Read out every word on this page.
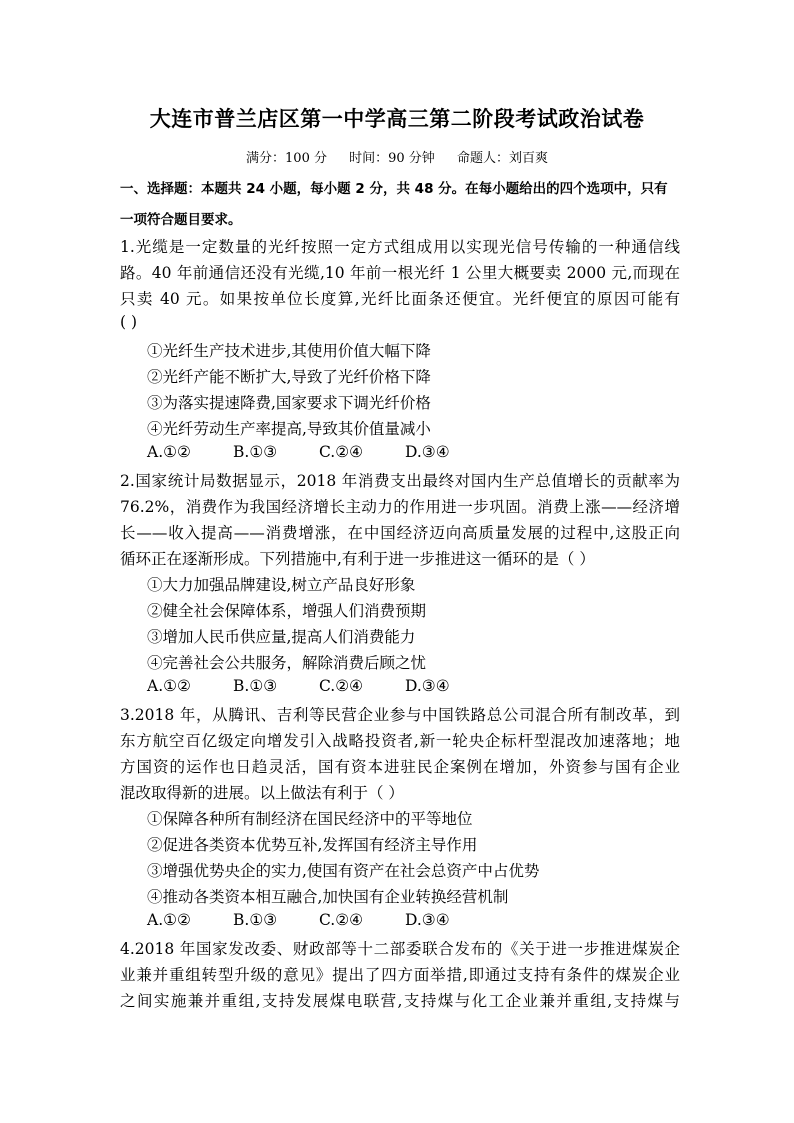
大连市普兰店区第一中学高三第二阶段考试政治试卷
满分：100 分 时间：90 分钟 命题人：刘百爽
一、选择题：本题共 24 小题，每小题 2 分，共 48 分。在每小题给出的四个选项中，只有
一项符合题目要求。
1.光缆是一定数量的光纤按照一定方式组成用以实现光信号传输的一种通信线
路。40 年前通信还没有光缆,10 年前一根光纤 1 公里大概要卖 2000 元,而现在
只卖 40 元。如果按单位长度算,光纤比面条还便宜。光纤便宜的原因可能有
( )
①光纤生产技术进步,其使用价值大幅下降
②光纤产能不断扩大,导致了光纤价格下降
③为落实提速降费,国家要求下调光纤价格
④光纤劳动生产率提高,导致其价值量减小
A.①②	B.①③	C.②④	D.③④
2.国家统计局数据显示，2018 年消费支出最终对国内生产总值增长的贡献率为
76.2%，消费作为我国经济增长主动力的作用进一步巩固。消费上涨——经济增
长——收入提高——消费增涨，在中国经济迈向高质量发展的过程中,这股正向
循环正在逐渐形成。下列措施中,有利于进一步推进这一循环的是（ ）
①大力加强品牌建设,树立产品良好形象
②健全社会保障体系，增强人们消费预期
③增加人民币供应量,提高人们消费能力
④完善社会公共服务，解除消费后顾之忧
A.①②	B.①③	C.②④	D.③④
3.2018 年，从腾讯、吉利等民营企业参与中国铁路总公司混合所有制改革，到
东方航空百亿级定向增发引入战略投资者,新一轮央企标杆型混改加速落地；地
方国资的运作也日趋灵活，国有资本进驻民企案例在增加，外资参与国有企业
混改取得新的进展。以上做法有利于（ ）
①保障各种所有制经济在国民经济中的平等地位
②促进各类资本优势互补,发挥国有经济主导作用
③增强优势央企的实力,使国有资产在社会总资产中占优势
④推动各类资本相互融合,加快国有企业转换经营机制
A.①②	B.①③	C.②④	D.③④
4.2018 年国家发改委、财政部等十二部委联合发布的《关于进一步推进煤炭企
业兼并重组转型升级的意见》提出了四方面举措,即通过支持有条件的煤炭企业
之间实施兼并重组,支持发展煤电联营,支持煤与化工企业兼并重组,支持煤与
